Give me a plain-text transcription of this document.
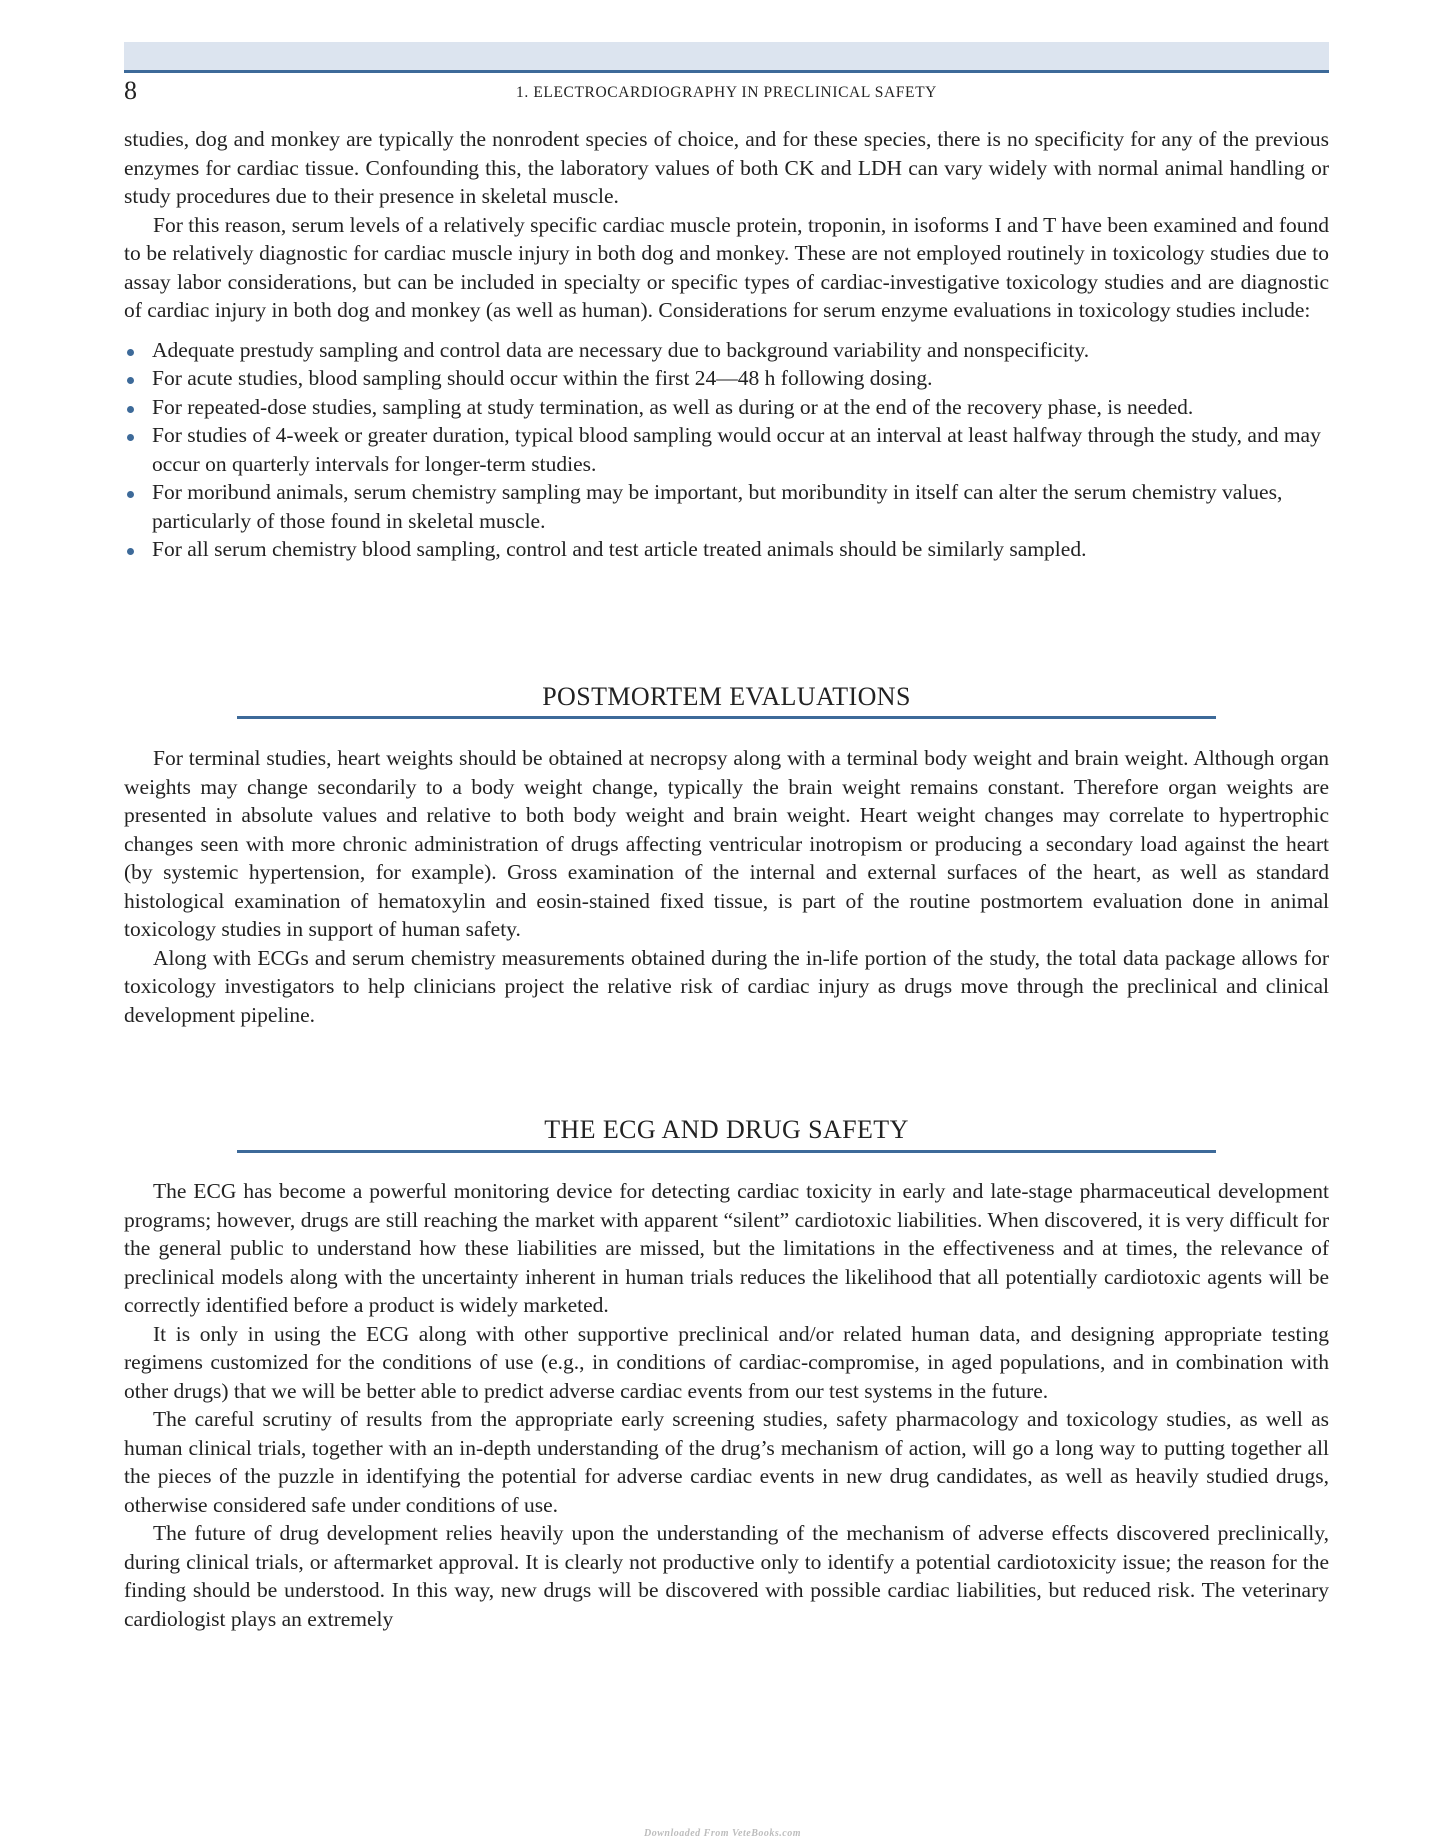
8	1. ELECTROCARDIOGRAPHY IN PRECLINICAL SAFETY

studies, dog and monkey are typically the nonrodent species of choice, and for these species, there is no specificity for any of the previous enzymes for cardiac tissue. Confounding this, the laboratory values of both CK and LDH can vary widely with normal animal handling or study procedures due to their presence in skeletal muscle.

For this reason, serum levels of a relatively specific cardiac muscle protein, troponin, in isoforms I and T have been examined and found to be relatively diagnostic for cardiac muscle injury in both dog and monkey. These are not employed routinely in toxicology studies due to assay labor considerations, but can be included in specialty or specific types of cardiac-investigative toxicology studies and are diagnostic of cardiac injury in both dog and monkey (as well as human). Considerations for serum enzyme evaluations in toxicology studies include:

Adequate prestudy sampling and control data are necessary due to background variability and nonspecificity.
For acute studies, blood sampling should occur within the first 24—48 h following dosing.
For repeated-dose studies, sampling at study termination, as well as during or at the end of the recovery phase, is needed.
For studies of 4-week or greater duration, typical blood sampling would occur at an interval at least halfway through the study, and may occur on quarterly intervals for longer-term studies.
For moribund animals, serum chemistry sampling may be important, but moribundity in itself can alter the serum chemistry values, particularly of those found in skeletal muscle.
For all serum chemistry blood sampling, control and test article treated animals should be similarly sampled.
POSTMORTEM EVALUATIONS

For terminal studies, heart weights should be obtained at necropsy along with a terminal body weight and brain weight. Although organ weights may change secondarily to a body weight change, typically the brain weight remains constant. Therefore organ weights are presented in absolute values and relative to both body weight and brain weight. Heart weight changes may correlate to hypertrophic changes seen with more chronic administration of drugs affecting ventricular inotropism or producing a secondary load against the heart (by systemic hypertension, for example). Gross examination of the internal and external surfaces of the heart, as well as standard histological examination of hematoxylin and eosin-stained fixed tissue, is part of the routine postmortem evaluation done in animal toxicology studies in support of human safety.

Along with ECGs and serum chemistry measurements obtained during the in-life portion of the study, the total data package allows for toxicology investigators to help clinicians project the relative risk of cardiac injury as drugs move through the preclinical and clinical development pipeline.

THE ECG AND DRUG SAFETY

The ECG has become a powerful monitoring device for detecting cardiac toxicity in early and late-stage pharmaceutical development programs; however, drugs are still reaching the market with apparent “silent” cardiotoxic liabilities. When discovered, it is very difficult for the general public to understand how these liabilities are missed, but the limitations in the effectiveness and at times, the relevance of preclinical models along with the uncertainty inherent in human trials reduces the likelihood that all potentially cardiotoxic agents will be correctly identified before a product is widely marketed.

It is only in using the ECG along with other supportive preclinical and/or related human data, and designing appropriate testing regimens customized for the conditions of use (e.g., in conditions of cardiac-compromise, in aged populations, and in combination with other drugs) that we will be better able to predict adverse cardiac events from our test systems in the future.

The careful scrutiny of results from the appropriate early screening studies, safety pharmacology and toxicology studies, as well as human clinical trials, together with an in-depth understanding of the drug’s mechanism of action, will go a long way to putting together all the pieces of the puzzle in identifying the potential for adverse cardiac events in new drug candidates, as well as heavily studied drugs, otherwise considered safe under conditions of use.

The future of drug development relies heavily upon the understanding of the mechanism of adverse effects discovered preclinically, during clinical trials, or aftermarket approval. It is clearly not productive only to identify a potential cardiotoxicity issue; the reason for the finding should be understood. In this way, new drugs will be discovered with possible cardiac liabilities, but reduced risk. The veterinary cardiologist plays an extremely

Downloaded From VeteBooks.com
